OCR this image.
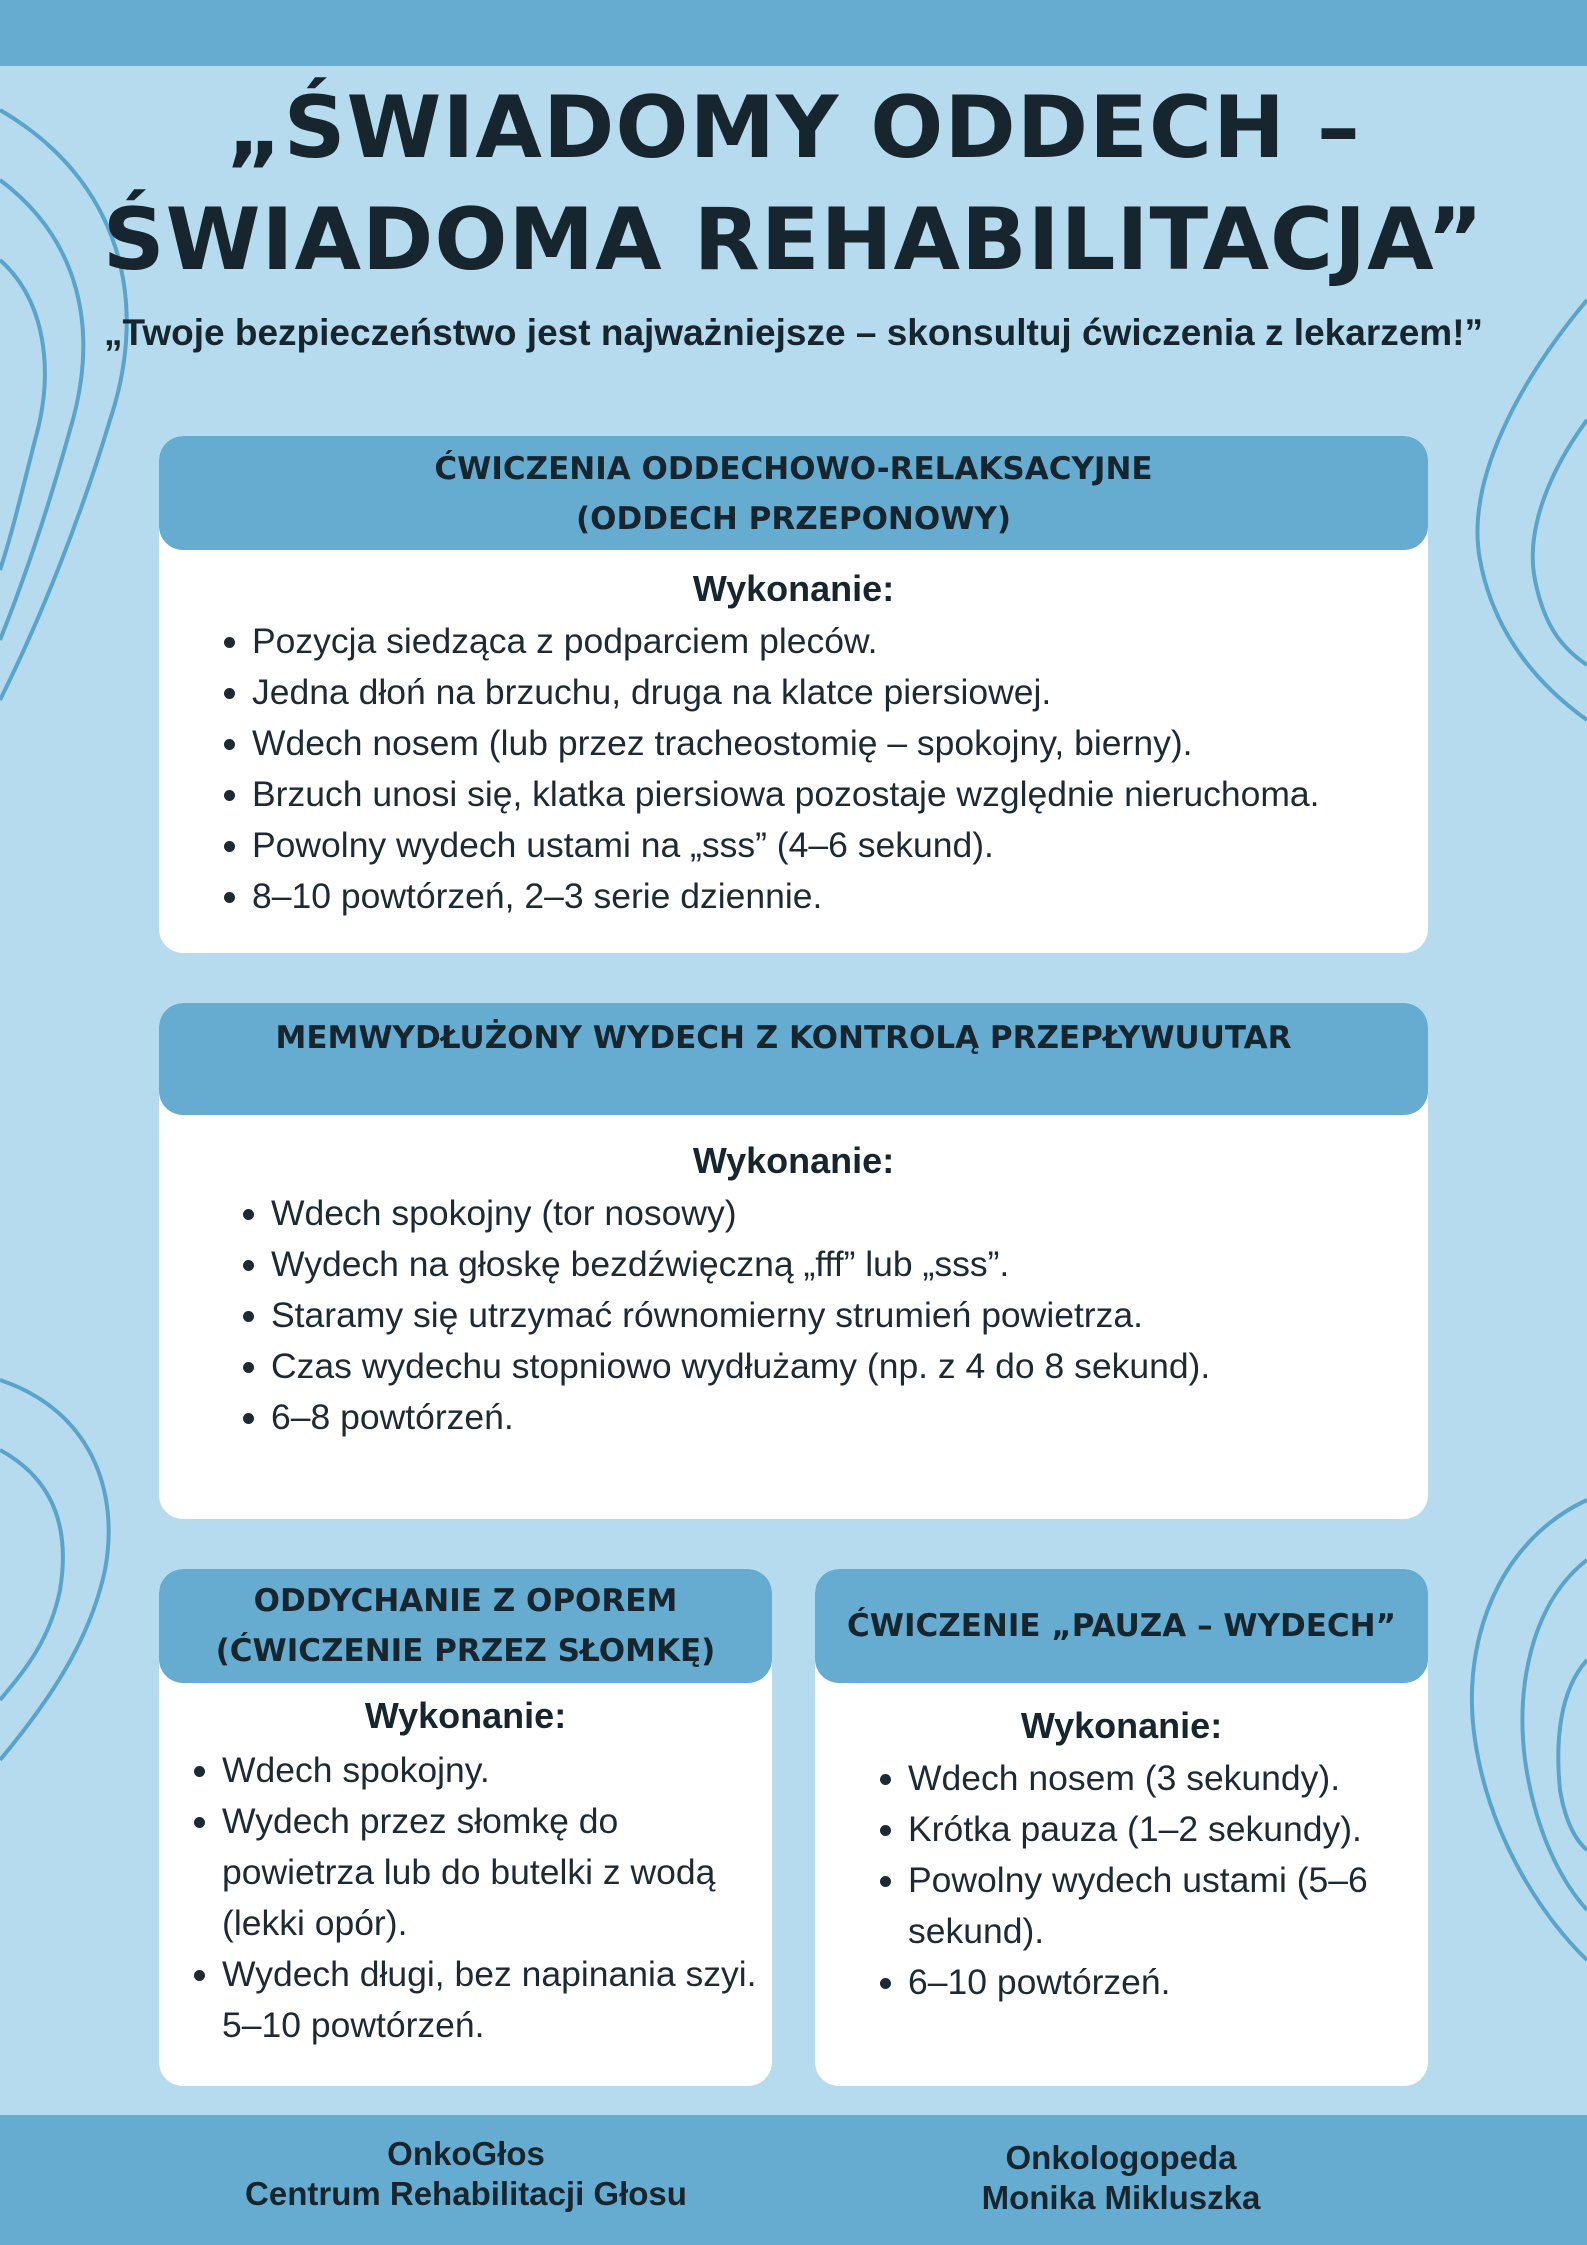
„ŚWIADOMY ODDECH –
ŚWIADOMA REHABILITACJA”
„Twoje bezpieczeństwo jest najważniejsze – skonsultuj ćwiczenia z lekarzem!”
ĆWICZENIA ODDECHOWO-RELAKSACYJNE
(ODDECH PRZEPONOWY)
Wykonanie:
• Pozycja siedząca z podparciem pleców.
• Jedna dłoń na brzuchu, druga na klatce piersiowej.
• Wdech nosem (lub przez tracheostomię – spokojny, bierny).
• Brzuch unosi się, klatka piersiowa pozostaje względnie nieruchoma.
• Powolny wydech ustami na „sss” (4–6 sekund).
• 8–10 powtórzeń, 2–3 serie dziennie.
MEMWYDŁUŻONY WYDECH Z KONTROLĄ PRZEPŁYWUUTAR
Wykonanie:
• Wdech spokojny (tor nosowy)
• Wydech na głoskę bezdźwięczną „fff” lub „sss”.
• Staramy się utrzymać równomierny strumień powietrza.
• Czas wydechu stopniowo wydłużamy (np. z 4 do 8 sekund).
• 6–8 powtórzeń.
ODDYCHANIE Z OPOREM
(ĆWICZENIE PRZEZ SŁOMKĘ)
Wykonanie:
• Wdech spokojny.
• Wydech przez słomkę do powietrza lub do butelki z wodą (lekki opór).
• Wydech długi, bez napinania szyi. 5–10 powtórzeń.
ĆWICZENIE „PAUZA – WYDECH”
Wykonanie:
• Wdech nosem (3 sekundy).
• Krótka pauza (1–2 sekundy).
• Powolny wydech ustami (5–6 sekund).
• 6–10 powtórzeń.
OnkoGłos
Centrum Rehabilitacji Głosu
Onkologopeda
Monika Mikluszka
